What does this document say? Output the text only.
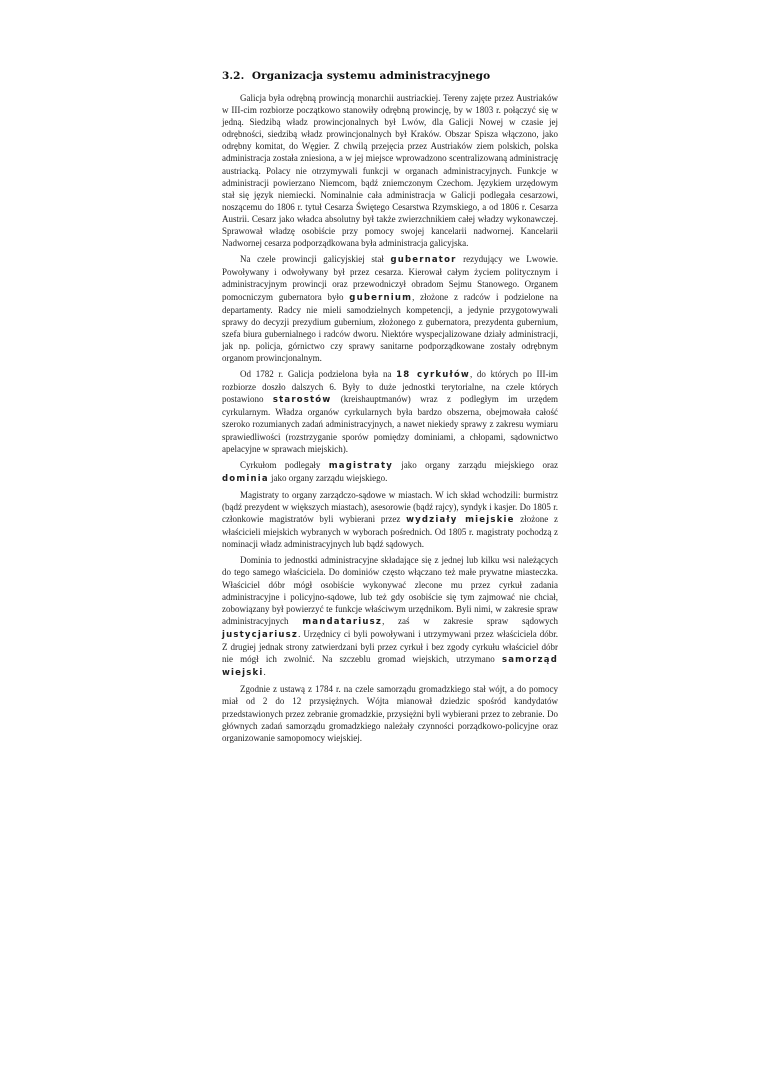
3.2. Organizacja systemu administracyjnego

Galicja była odrębną prowincją monarchii austriackiej. Tereny zajęte przez Austriaków w III-cim rozbiorze początkowo stanowiły odrębną prowincję, by w 1803 r. połączyć się w jedną. Siedzibą władz prowincjonalnych był Lwów, dla Galicji Nowej w czasie jej odrębności, siedzibą władz prowincjonalnych był Kraków. Obszar Spisza włączono, jako odrębny komitat, do Węgier. Z chwilą przejęcia przez Austriaków ziem polskich, polska administracja została zniesiona, a w jej miejsce wprowadzono scentralizowaną administrację austriacką. Polacy nie otrzymywali funkcji w organach administracyjnych. Funkcje w administracji powierzano Niemcom, bądź zniemczonym Czechom. Językiem urzędowym stał się język niemiecki. Nominalnie cała administracja w Galicji podlegała cesarzowi, noszącemu do 1806 r. tytuł Cesarza Świętego Cesarstwa Rzymskiego, a od 1806 r. Cesarza Austrii. Cesarz jako władca absolutny był także zwierzchnikiem całej władzy wykonawczej. Sprawował władzę osobiście przy pomocy swojej kancelarii nadwornej. Kancelarii Nadwornej cesarza podporządkowana była administracja galicyjska.

Na czele prowincji galicyjskiej stał gubernator rezydujący we Lwowie. Powoływany i odwoływany był przez cesarza. Kierował całym życiem politycznym i administracyjnym prowincji oraz przewodniczył obradom Sejmu Stanowego. Organem pomocniczym gubernatora było gubernium, złożone z radców i podzielone na departamenty. Radcy nie mieli samodzielnych kompetencji, a jedynie przygotowywali sprawy do decyzji prezydium gubernium, złożonego z gubernatora, prezydenta gubernium, szefa biura gubernialnego i radców dworu. Niektóre wyspecjalizowane działy administracji, jak np. policja, górnictwo czy sprawy sanitarne podporządkowane zostały odrębnym organom prowincjonalnym.

Od 1782 r. Galicja podzielona była na 18 cyrkułów, do których po III-im rozbiorze doszło dalszych 6. Były to duże jednostki terytorialne, na czele których postawiono starostów (kreishauptmanów) wraz z podległym im urzędem cyrkularnym. Władza organów cyrkularnych była bardzo obszerna, obejmowała całość szeroko rozumianych zadań administracyjnych, a nawet niekiedy sprawy z zakresu wymiaru sprawiedliwości (rozstrzyganie sporów pomiędzy dominiami, a chłopami, sądownictwo apelacyjne w sprawach miejskich).

Cyrkułom podlegały magistraty jako organy zarządu miejskiego oraz dominia jako organy zarządu wiejskiego.

Magistraty to organy zarządczo-sądowe w miastach. W ich skład wchodzili: burmistrz (bądź prezydent w większych miastach), asesorowie (bądź rajcy), syndyk i kasjer. Do 1805 r. członkowie magistratów byli wybierani przez wydziały miejskie złożone z właścicieli miejskich wybranych w wyborach pośrednich. Od 1805 r. magistraty pochodzą z nominacji władz administracyjnych lub bądź sądowych.

Dominia to jednostki administracyjne składające się z jednej lub kilku wsi należących do tego samego właściciela. Do dominiów często włączano też małe prywatne miasteczka. Właściciel dóbr mógł osobiście wykonywać zlecone mu przez cyrkuł zadania administracyjne i policyjno-sądowe, lub też gdy osobiście się tym zajmować nie chciał, zobowiązany był powierzyć te funkcje właściwym urzędnikom. Byli nimi, w zakresie spraw administracyjnych mandatariusz, zaś w zakresie spraw sądowych justycjariusz. Urzędnicy ci byli powoływani i utrzymywani przez właściciela dóbr. Z drugiej jednak strony zatwierdzani byli przez cyrkuł i bez zgody cyrkułu właściciel dóbr nie mógł ich zwolnić. Na szczeblu gromad wiejskich, utrzymano samorząd wiejski.

Zgodnie z ustawą z 1784 r. na czele samorządu gromadzkiego stał wójt, a do pomocy miał od 2 do 12 przysiężnych. Wójta mianował dziedzic spośród kandydatów przedstawionych przez zebranie gromadzkie, przysiężni byli wybierani przez to zebranie. Do głównych zadań samorządu gromadzkiego należały czynności porządkowo-policyjne oraz organizowanie samopomocy wiejskiej.
